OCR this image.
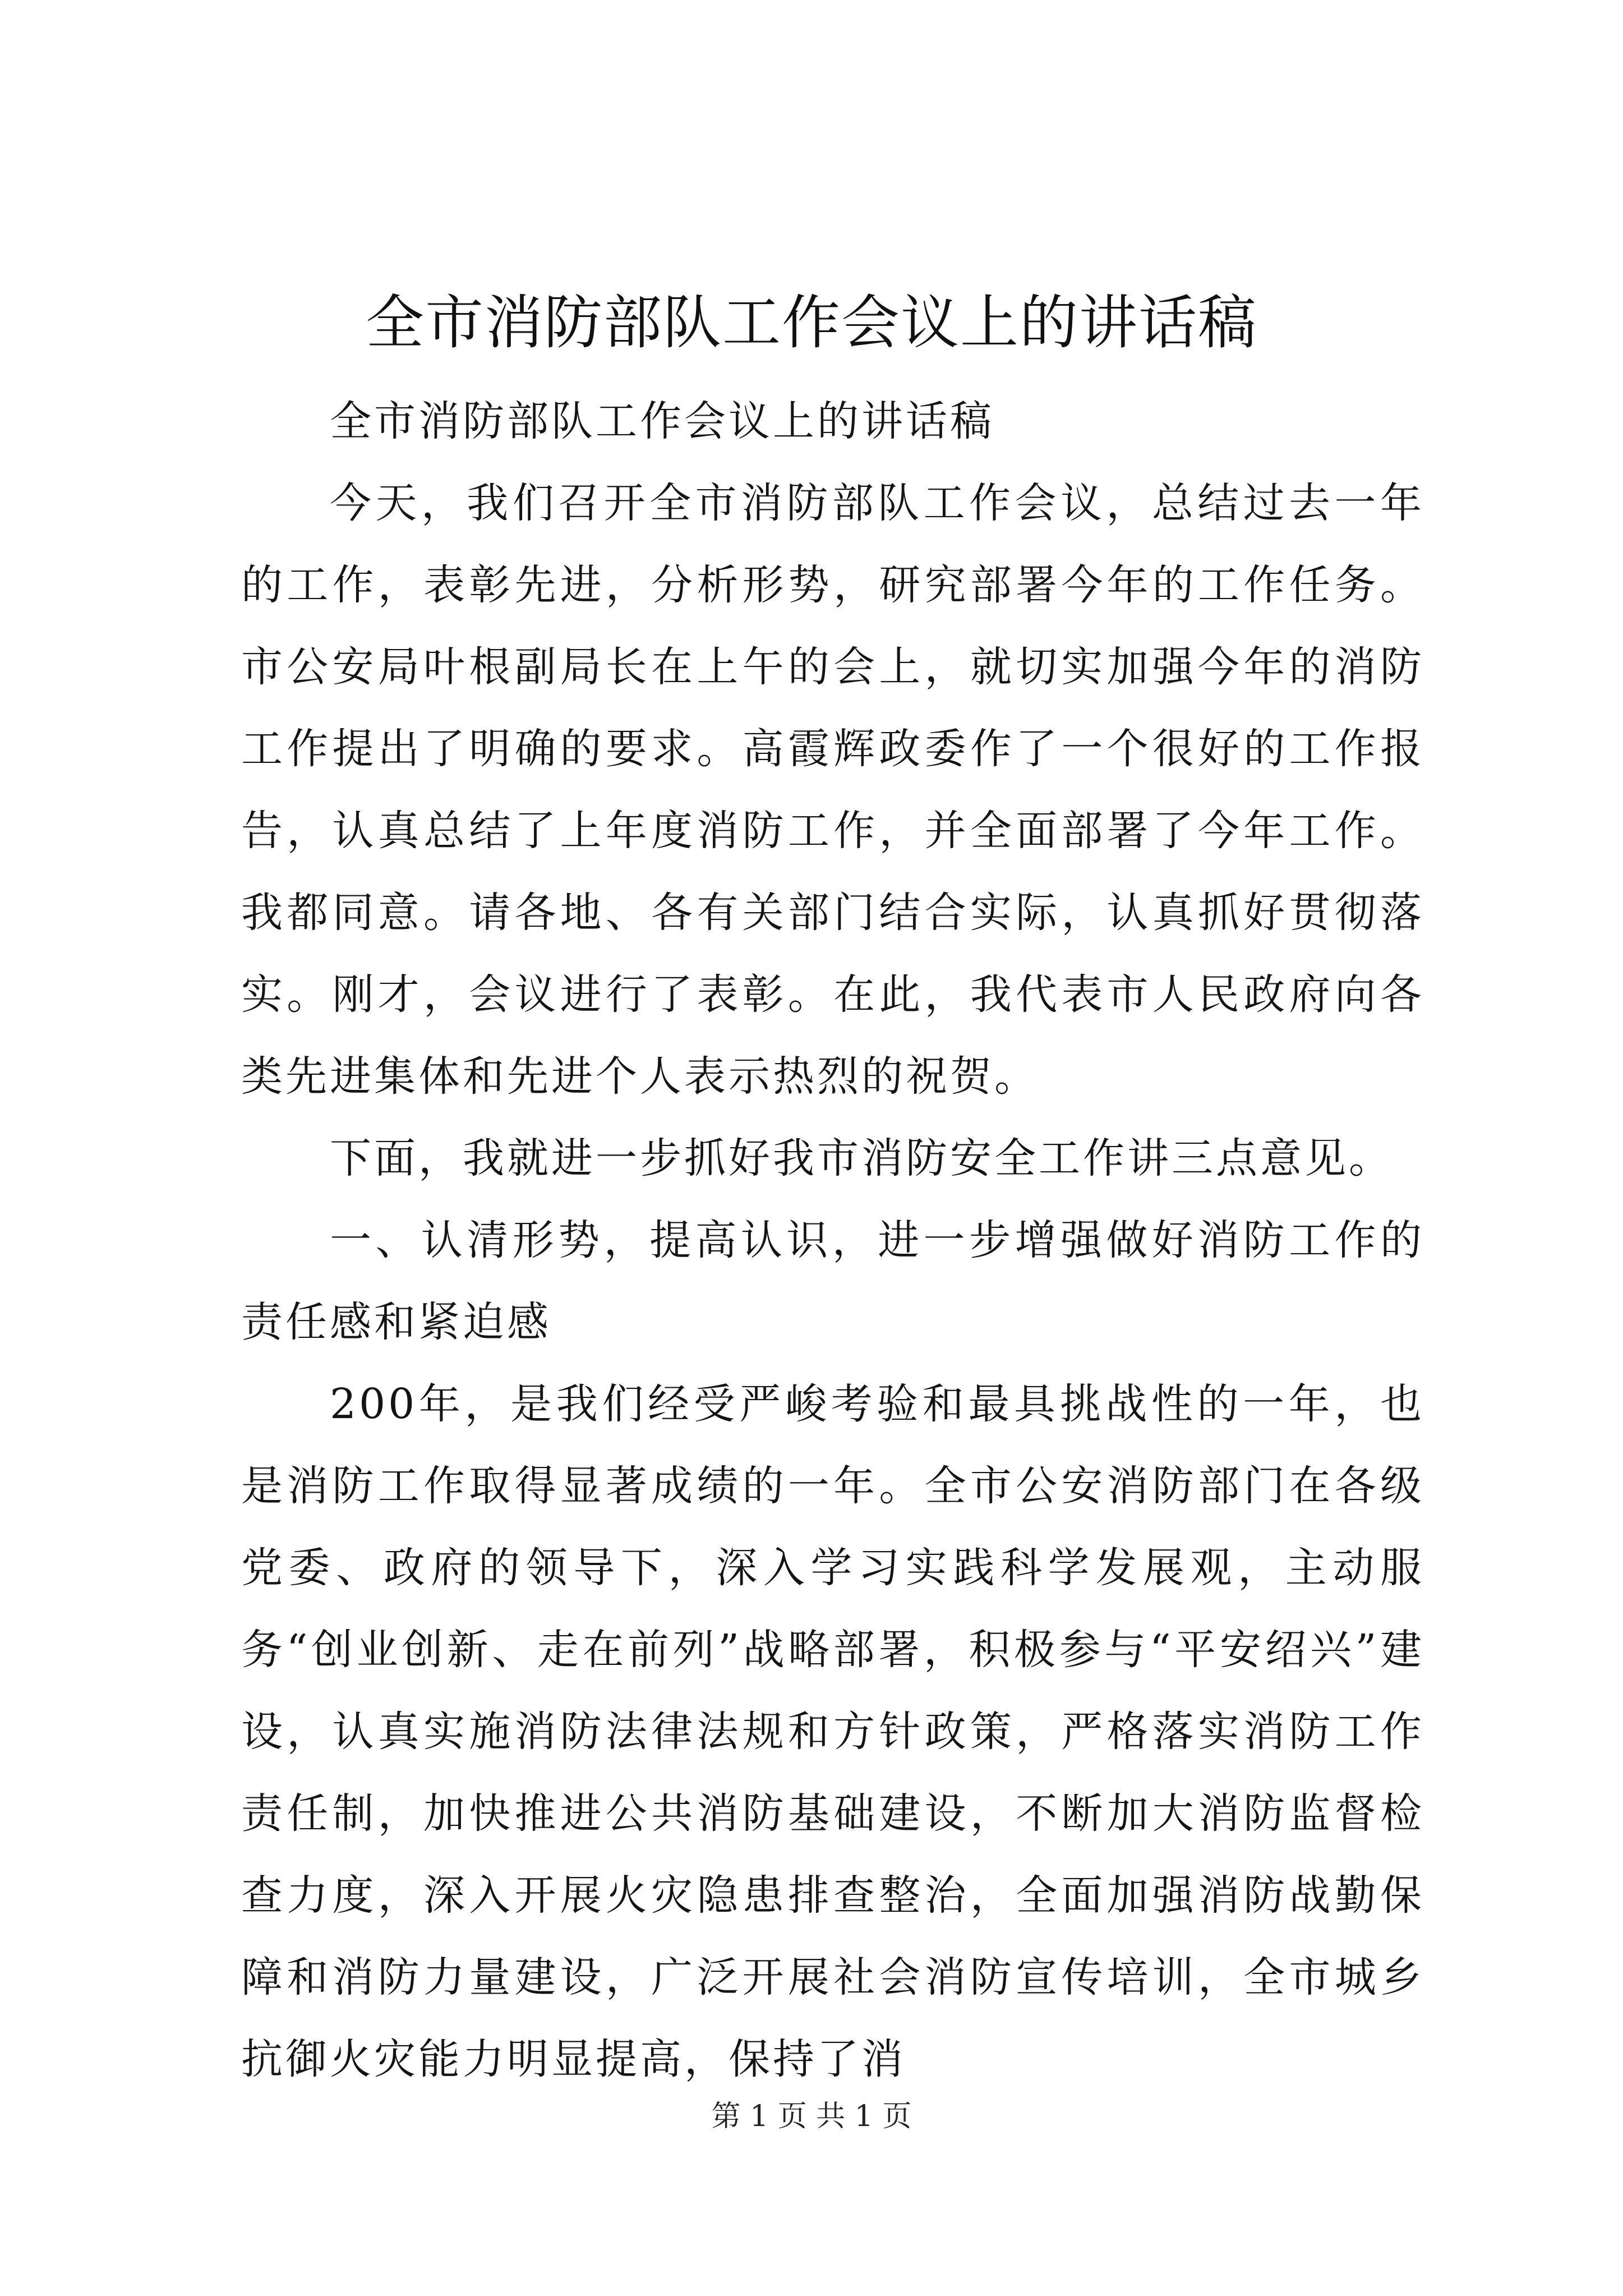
全市消防部队工作会议上的讲话稿

全市消防部队工作会议上的讲话稿

今天，我们召开全市消防部队工作会议，总结过去一年的工作，表彰先进，分析形势，研究部署今年的工作任务。市公安局叶根副局长在上午的会上，就切实加强今年的消防工作提出了明确的要求。高霞辉政委作了一个很好的工作报告，认真总结了上年度消防工作，并全面部署了今年工作。我都同意。请各地、各有关部门结合实际，认真抓好贯彻落实。刚才，会议进行了表彰。在此，我代表市人民政府向各类先进集体和先进个人表示热烈的祝贺。

下面，我就进一步抓好我市消防安全工作讲三点意见。

一、认清形势，提高认识，进一步增强做好消防工作的责任感和紧迫感

200年，是我们经受严峻考验和最具挑战性的一年，也是消防工作取得显著成绩的一年。全市公安消防部门在各级党委、政府的领导下，深入学习实践科学发展观，主动服务“创业创新、走在前列”战略部署，积极参与“平安绍兴”建设，认真实施消防法律法规和方针政策，严格落实消防工作责任制，加快推进公共消防基础建设，不断加大消防监督检查力度，深入开展火灾隐患排查整治，全面加强消防战勤保障和消防力量建设，广泛开展社会消防宣传培训，全市城乡抗御火灾能力明显提高，保持了消

第 1 页 共 1 页
